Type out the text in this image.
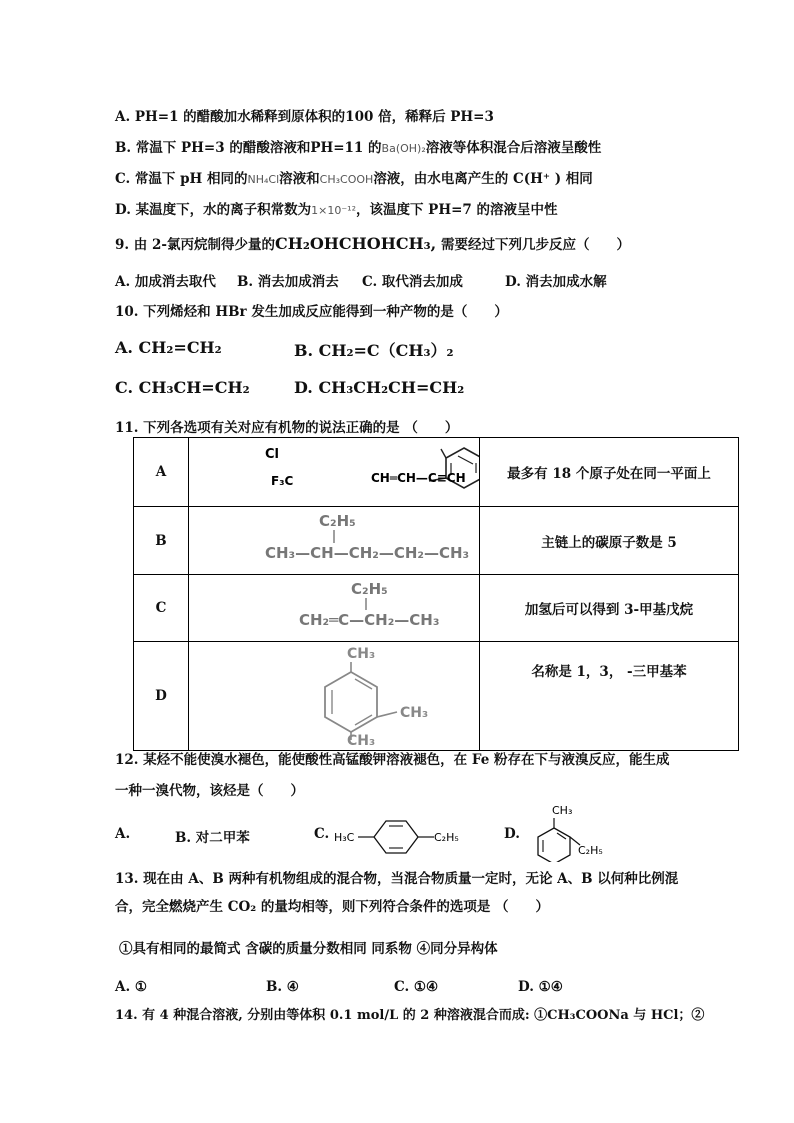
A. PH=1 的醋酸加水稀释到原体积的100 倍，稀释后 PH=3
B. 常温下 PH=3 的醋酸溶液和PH=11 的Ba(OH)₂溶液等体积混合后溶液呈酸性
C. 常温下 pH 相同的NH₄Cl溶液和CH₃COOH溶液，由水电离产生的 C(H⁺ ) 相同
D. 某温度下，水的离子积常数为1×10⁻¹²，该温度下 PH=7 的溶液呈中性
9. 由 2-氯丙烷制得少量的CH₂OHCHOHCH₃, 需要经过下列几步反应（　　）
A. 加成消去取代 B. 消去加成消去 C. 取代消去加成	D. 消去加成水解
10. 下列烯烃和 HBr 发生加成反应能得到一种产物的是（　　）
A. CH₂=CH₂	B. CH₂=C（CH₃）₂
C. CH₃CH=CH₂	D. CH₃CH₂CH=CH₂
11. 下列各选项有关对应有机物的说法正确的是 （　　）
A	Cl
F₃C CH═CH—C≡CH	最多有 18 个原子处在同一平面上
B	C₂H₅
CH₃—CH—CH₂—CH₂—CH₃	主链上的碳原子数是 5
C	C₂H₅
CH₂═C—CH₂—CH₃	加氢后可以得到 3-甲基戊烷
D	CH₃
CH₃
CH₃	名称是 1，3， -三甲基苯
12. 某烃不能使溴水褪色，能使酸性高锰酸钾溶液褪色，在 Fe 粉存在下与液溴反应，能生成
一种一溴代物，该烃是（　　）
A.	B. 对二甲苯	C. H₃C	C₂H₅	D.
CH₃
C₂H₅
13. 现在由 A、B 两种有机物组成的混合物，当混合物质量一定时，无论 A、B 以何种比例混
合，完全燃烧产生 CO₂ 的量均相等，则下列符合条件的选项是 （　　）
①具有相同的最简式 含碳的质量分数相同 同系物 ④同分异构体
A. ①	B. ④	C. ①④	D. ①④
14. 有 4 种混合溶液, 分别由等体积 0.1 mol/L 的 2 种溶液混合而成: ①CH₃COONa 与 HCl；②
